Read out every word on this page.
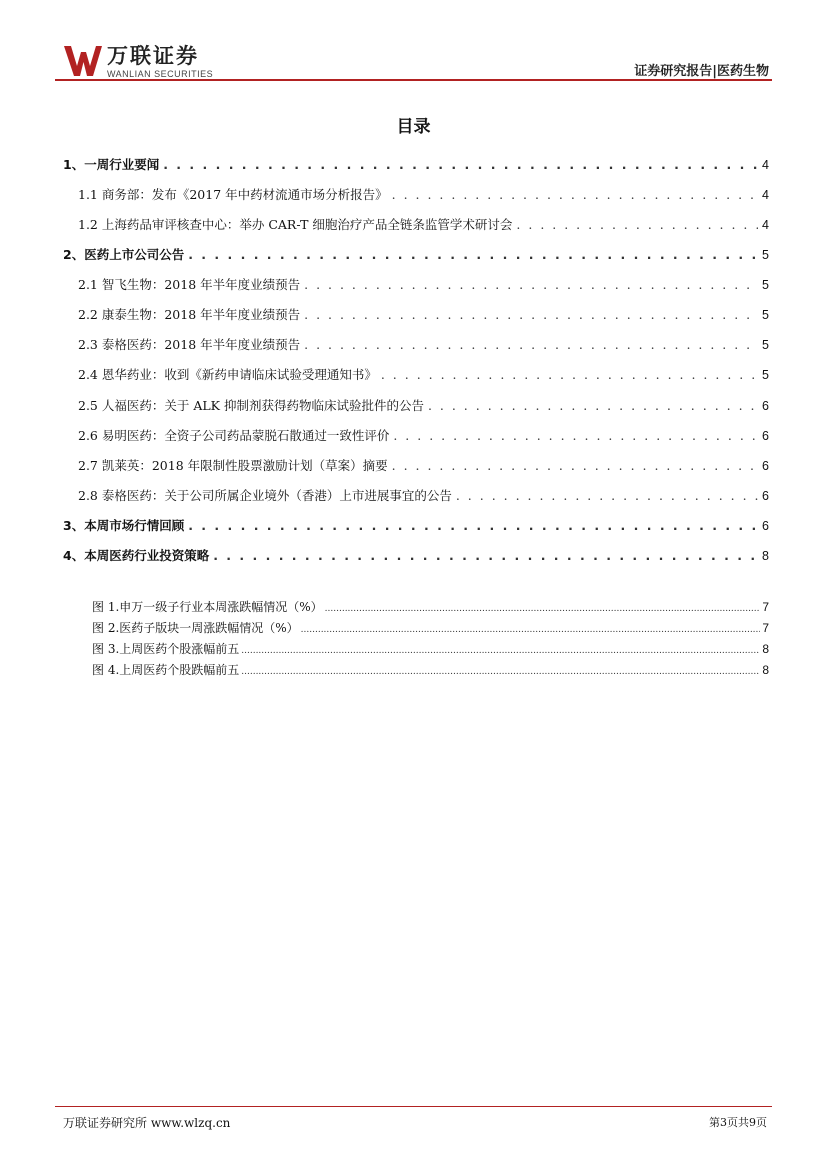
万联证券
WANLIAN SECURITIES	证券研究报告|医药生物
目录
1、一周行业要闻 . . .	4
1.1 商务部：发布《2017 年中药材流通市场分析报告》 . . .	4
1.2 上海药品审评核查中心：举办 CAR-T 细胞治疗产品全链条监管学术研讨会 . . .	4
2、医药上市公司公告 . . .	5
2.1 智飞生物：2018 年半年度业绩预告 . . .	5
2.2 康泰生物：2018 年半年度业绩预告 . . .	5
2.3 泰格医药：2018 年半年度业绩预告 . . .	5
2.4 恩华药业：收到《新药申请临床试验受理通知书》 . . .	5
2.5 人福医药：关于 ALK 抑制剂获得药物临床试验批件的公告 . . .	6
2.6 易明医药：全资子公司药品蒙脱石散通过一致性评价 . . .	6
2.7 凯莱英：2018 年限制性股票激励计划（草案）摘要 . . .	6
2.8 泰格医药：关于公司所属企业境外（香港）上市进展事宜的公告 . . .	6
3、本周市场行情回顾 . . .	6
4、本周医药行业投资策略 . . .	8
图 1.申万一级子行业本周涨跌幅情况（%） .....	7
图 2.医药子版块一周涨跌幅情况（%） .....	7
图 3.上周医药个股涨幅前五 .....	8
图 4.上周医药个股跌幅前五 .....	8
万联证券研究所 www.wlzq.cn	第3页共9页
